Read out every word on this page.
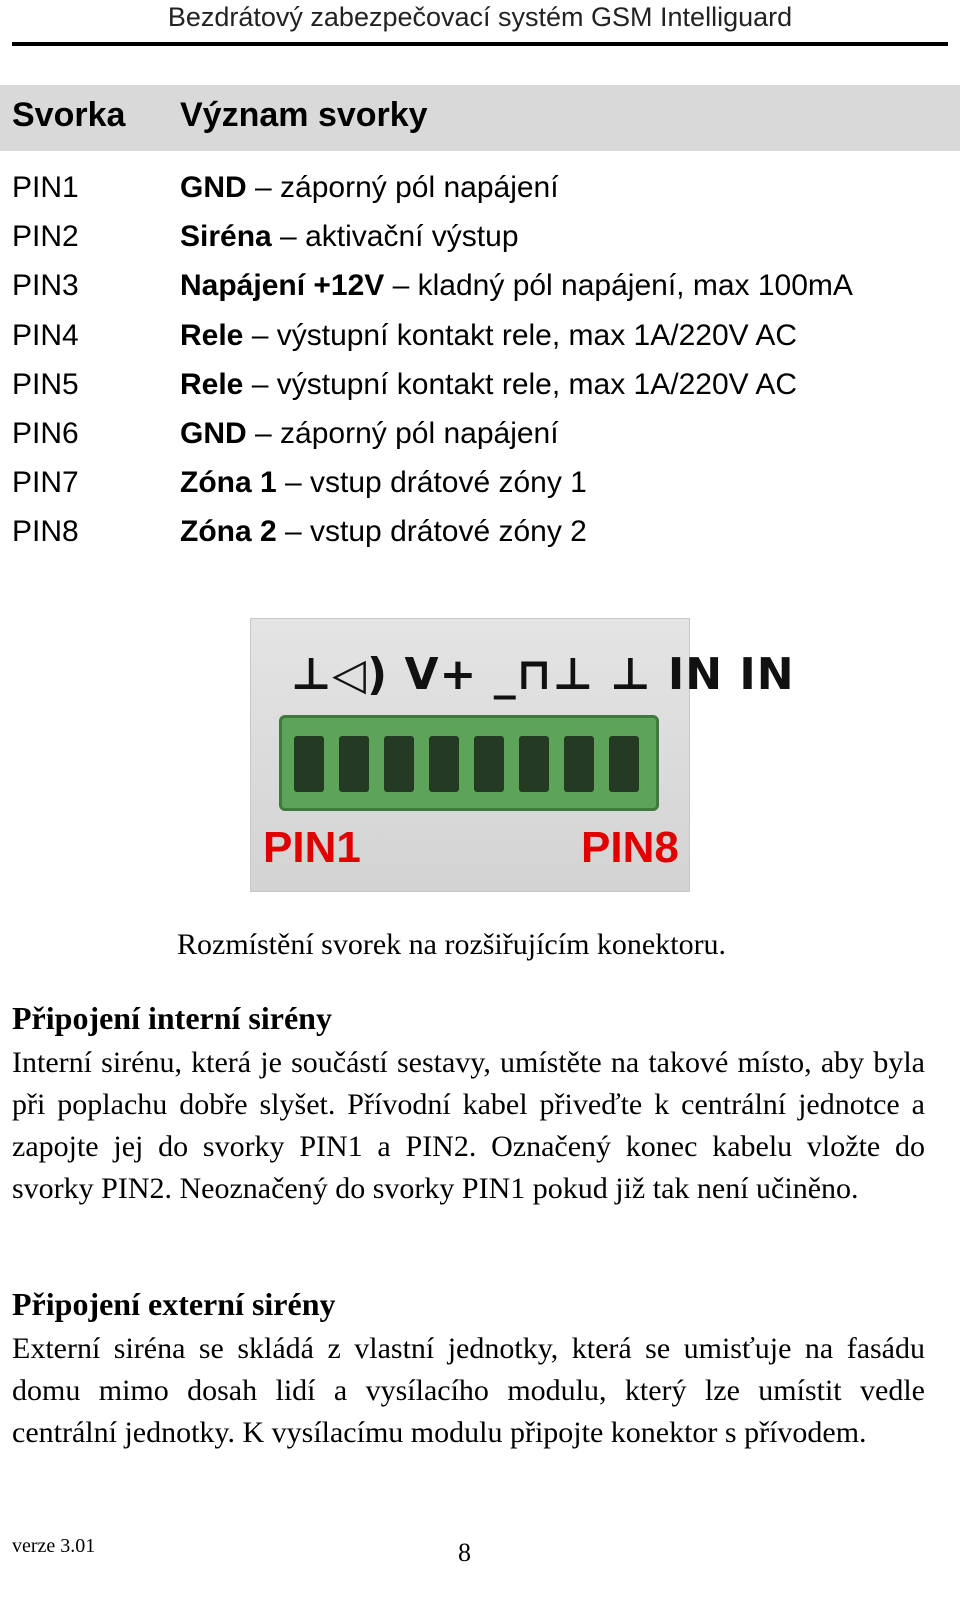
Bezdrátový zabezpečovací systém GSM Intelliguard
Svorka Význam svorky
PIN1	GND – záporný pól napájení
PIN2	Siréna – aktivační výstup
PIN3	Napájení +12V – kladný pól napájení, max 100mA
PIN4	Rele – výstupní kontakt rele, max 1A/220V AC
PIN5	Rele – výstupní kontakt rele, max 1A/220V AC
PIN6	GND – záporný pól napájení
PIN7	Zóna 1 – vstup drátové zóny 1
PIN8	Zóna 2 – vstup drátové zóny 2
⊥◁) V+ _⊓⊥ ⊥ IN IN
PIN1	PIN8
Rozmístění svorek na rozšiřujícím konektoru.
Připojení interní sirény
Interní sirénu, která je součástí sestavy, umístěte na takové místo, aby byla při poplachu dobře slyšet. Přívodní kabel přiveďte k centrální jednotce a zapojte jej do svorky PIN1 a PIN2. Označený konec kabelu vložte do svorky PIN2. Neoznačený do svorky PIN1 pokud již tak není učiněno.
Připojení externí sirény
Externí siréna se skládá z vlastní jednotky, která se umisťuje na fasádu domu mimo dosah lidí a vysílacího modulu, který lze umístit vedle centrální jednotky. K vysílacímu modulu připojte konektor s přívodem.
verze 3.01	8
